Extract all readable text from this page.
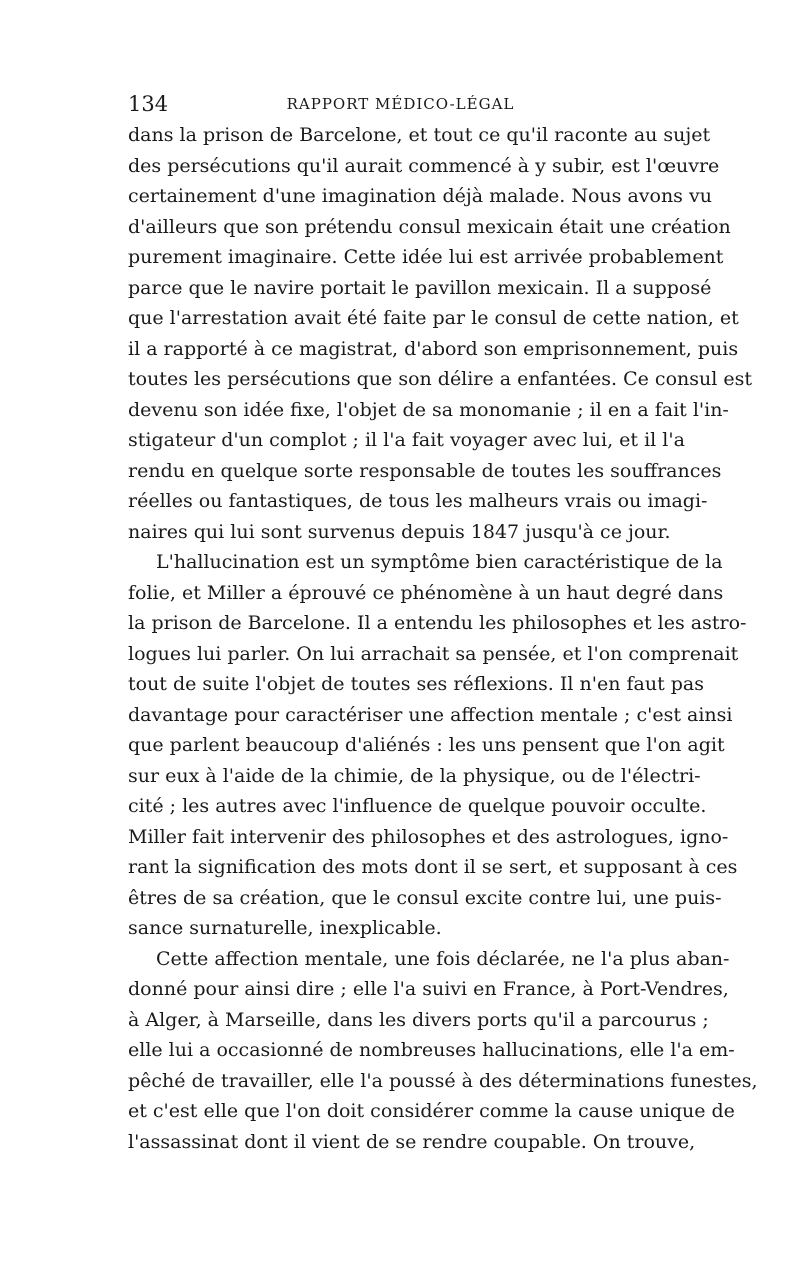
134	RAPPORT MÉDICO-LÉGAL
dans la prison de Barcelone, et tout ce qu'il raconte au sujet
des persécutions qu'il aurait commencé à y subir, est l'œuvre
certainement d'une imagination déjà malade. Nous avons vu
d'ailleurs que son prétendu consul mexicain était une création
purement imaginaire. Cette idée lui est arrivée probablement
parce que le navire portait le pavillon mexicain. Il a supposé
que l'arrestation avait été faite par le consul de cette nation, et
il a rapporté à ce magistrat, d'abord son emprisonnement, puis
toutes les persécutions que son délire a enfantées. Ce consul est
devenu son idée fixe, l'objet de sa monomanie ; il en a fait l'in-
stigateur d'un complot ; il l'a fait voyager avec lui, et il l'a
rendu en quelque sorte responsable de toutes les souffrances
réelles ou fantastiques, de tous les malheurs vrais ou imagi-
naires qui lui sont survenus depuis 1847 jusqu'à ce jour.
L'hallucination est un symptôme bien caractéristique de la
folie, et Miller a éprouvé ce phénomène à un haut degré dans
la prison de Barcelone. Il a entendu les philosophes et les astro-
logues lui parler. On lui arrachait sa pensée, et l'on comprenait
tout de suite l'objet de toutes ses réflexions. Il n'en faut pas
davantage pour caractériser une affection mentale ; c'est ainsi
que parlent beaucoup d'aliénés : les uns pensent que l'on agit
sur eux à l'aide de la chimie, de la physique, ou de l'électri-
cité ; les autres avec l'influence de quelque pouvoir occulte.
Miller fait intervenir des philosophes et des astrologues, igno-
rant la signification des mots dont il se sert, et supposant à ces
êtres de sa création, que le consul excite contre lui, une puis-
sance surnaturelle, inexplicable.
Cette affection mentale, une fois déclarée, ne l'a plus aban-
donné pour ainsi dire ; elle l'a suivi en France, à Port-Vendres,
à Alger, à Marseille, dans les divers ports qu'il a parcourus ;
elle lui a occasionné de nombreuses hallucinations, elle l'a em-
pêché de travailler, elle l'a poussé à des déterminations funestes,
et c'est elle que l'on doit considérer comme la cause unique de
l'assassinat dont il vient de se rendre coupable. On trouve,
